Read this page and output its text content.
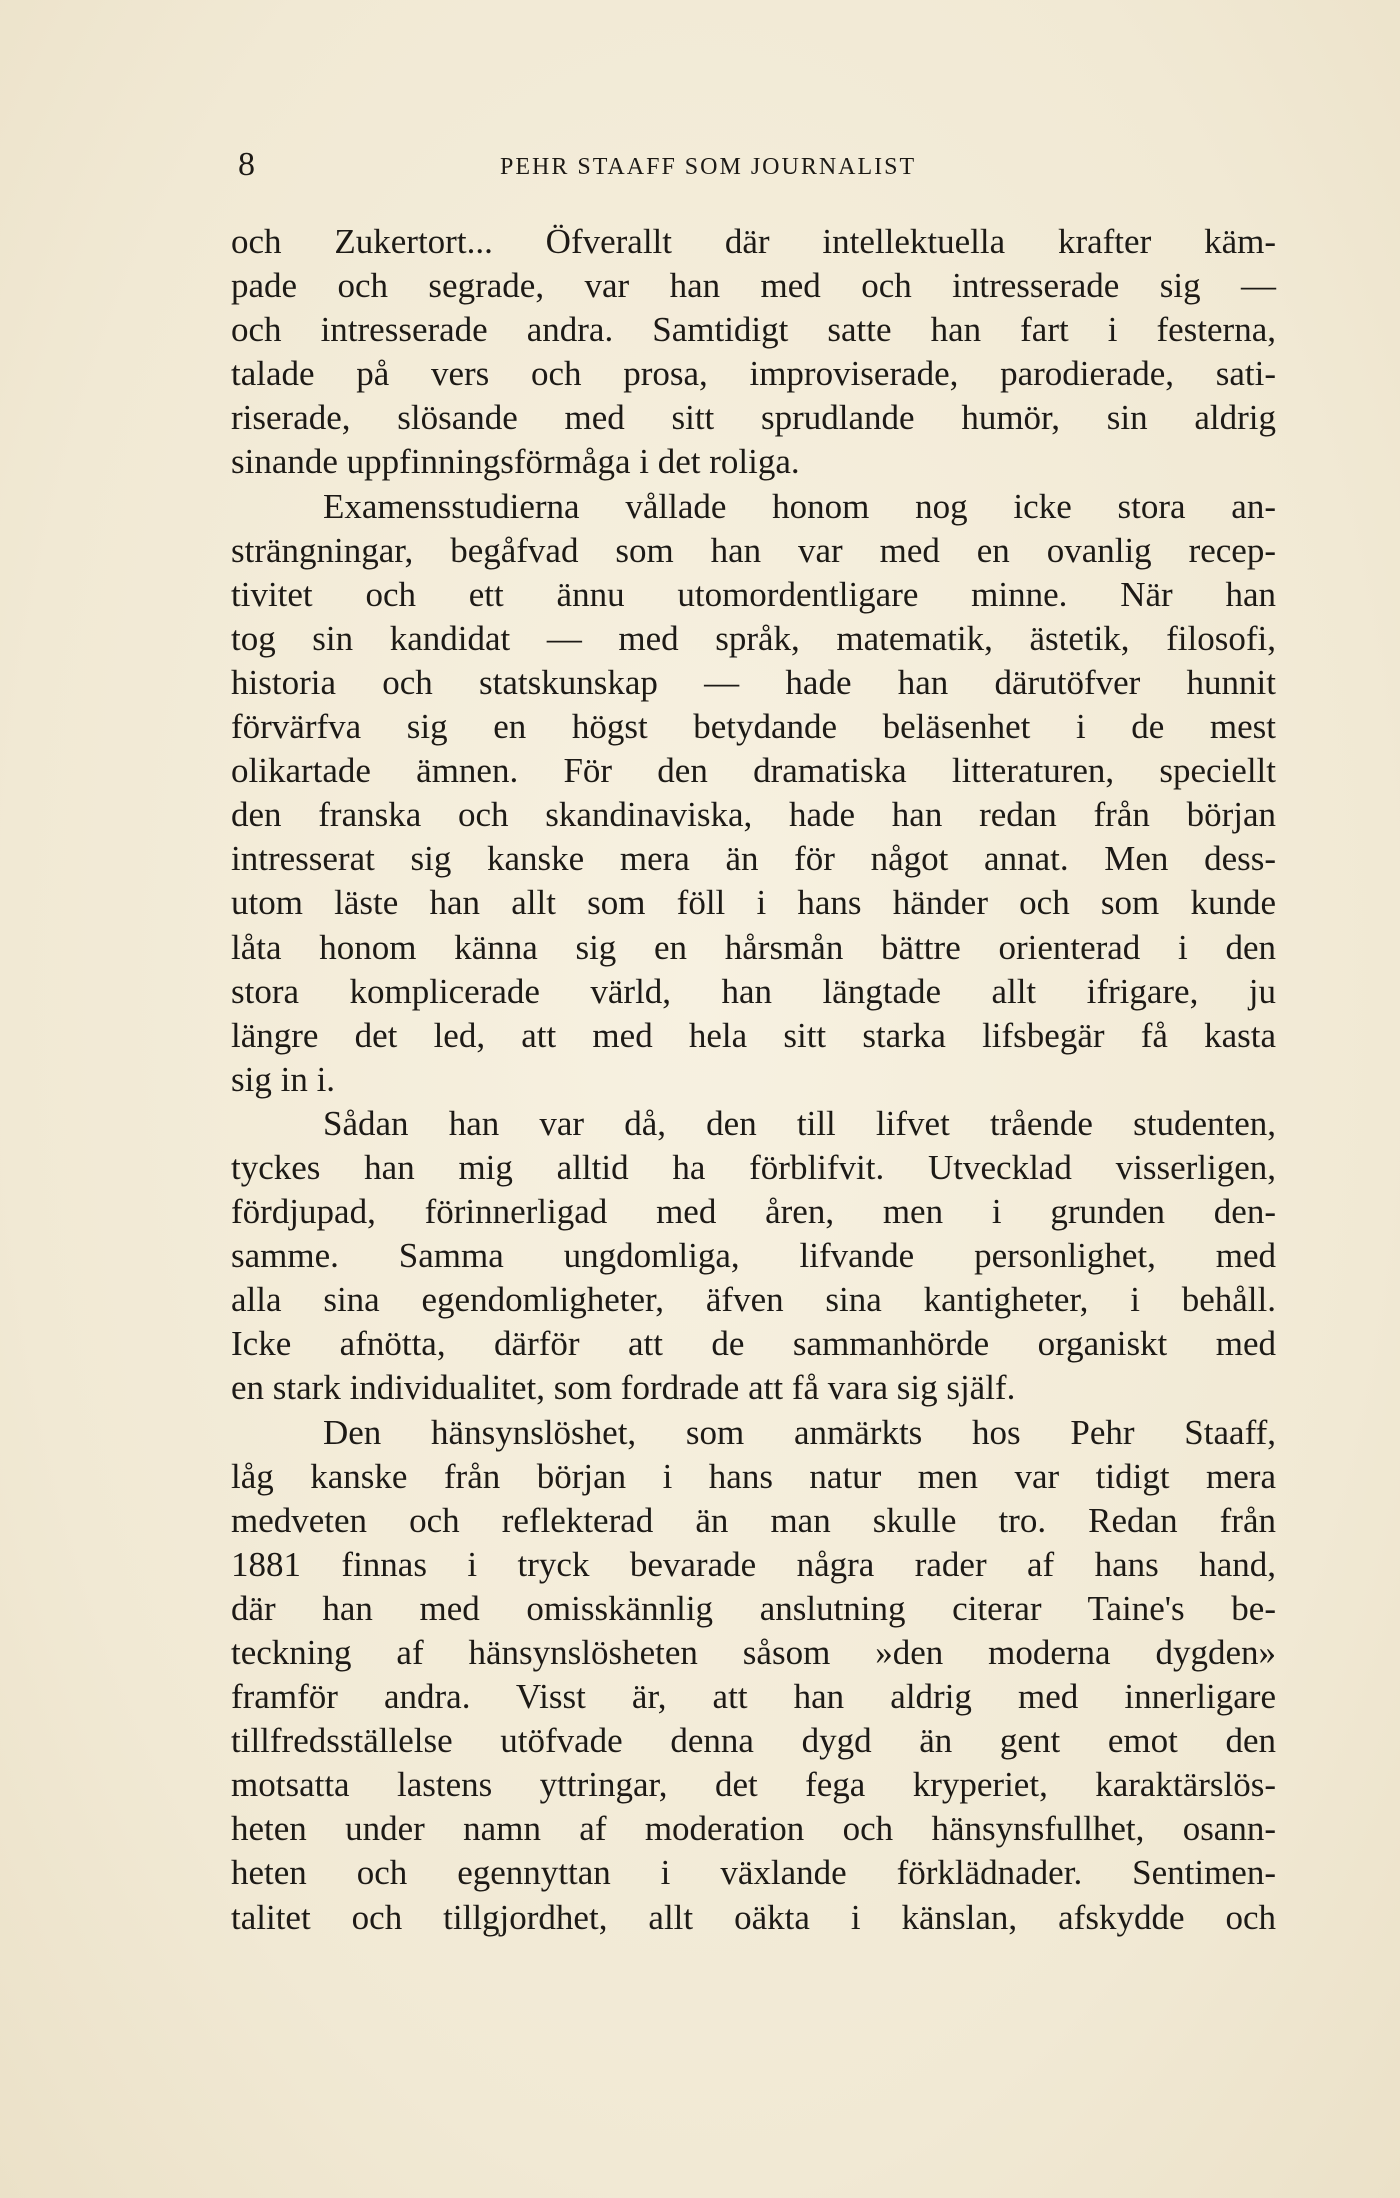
8	PEHR STAAFF SOM JOURNALIST
och Zukertort... Öfverallt där intellektuella krafter käm-
pade och segrade, var han med och intresserade sig —
och intresserade andra. Samtidigt satte han fart i festerna,
talade på vers och prosa, improviserade, parodierade, sati-
riserade, slösande med sitt sprudlande humör, sin aldrig
sinande uppfinningsförmåga i det roliga.
Examensstudierna vållade honom nog icke stora an-
strängningar, begåfvad som han var med en ovanlig recep-
tivitet och ett ännu utomordentligare minne. När han
tog sin kandidat — med språk, matematik, ästetik, filosofi,
historia och statskunskap — hade han därutöfver hunnit
förvärfva sig en högst betydande beläsenhet i de mest
olikartade ämnen. För den dramatiska litteraturen, speciellt
den franska och skandinaviska, hade han redan från början
intresserat sig kanske mera än för något annat. Men dess-
utom läste han allt som föll i hans händer och som kunde
låta honom känna sig en hårsmån bättre orienterad i den
stora komplicerade värld, han längtade allt ifrigare, ju
längre det led, att med hela sitt starka lifsbegär få kasta
sig in i.
Sådan han var då, den till lifvet trående studenten,
tyckes han mig alltid ha förblifvit. Utvecklad visserligen,
fördjupad, förinnerligad med åren, men i grunden den-
samme. Samma ungdomliga, lifvande personlighet, med
alla sina egendomligheter, äfven sina kantigheter, i behåll.
Icke afnötta, därför att de sammanhörde organiskt med
en stark individualitet, som fordrade att få vara sig själf.
Den hänsynslöshet, som anmärkts hos Pehr Staaff,
låg kanske från början i hans natur men var tidigt mera
medveten och reflekterad än man skulle tro. Redan från
1881 finnas i tryck bevarade några rader af hans hand,
där han med omisskännlig anslutning citerar Taine's be-
teckning af hänsynslösheten såsom »den moderna dygden»
framför andra. Visst är, att han aldrig med innerligare
tillfredsställelse utöfvade denna dygd än gent emot den
motsatta lastens yttringar, det fega kryperiet, karaktärslös-
heten under namn af moderation och hänsynsfullhet, osann-
heten och egennyttan i växlande förklädnader. Sentimen-
talitet och tillgjordhet, allt oäkta i känslan, afskydde och
